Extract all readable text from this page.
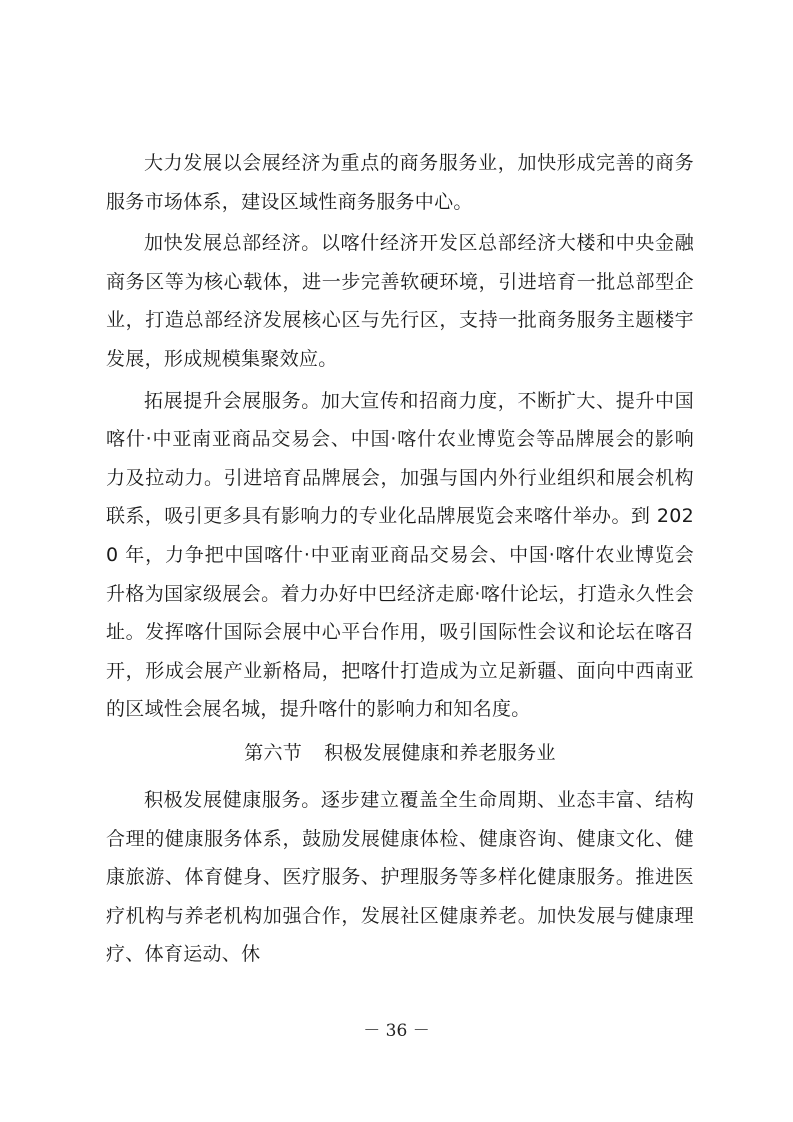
大力发展以会展经济为重点的商务服务业，加快形成完善的商务服务市场体系，建设区域性商务服务中心。

加快发展总部经济。以喀什经济开发区总部经济大楼和中央金融商务区等为核心载体，进一步完善软硬环境，引进培育一批总部型企业，打造总部经济发展核心区与先行区，支持一批商务服务主题楼宇发展，形成规模集聚效应。

拓展提升会展服务。加大宣传和招商力度，不断扩大、提升中国喀什·中亚南亚商品交易会、中国·喀什农业博览会等品牌展会的影响力及拉动力。引进培育品牌展会，加强与国内外行业组织和展会机构联系，吸引更多具有影响力的专业化品牌展览会来喀什举办。到 2020 年，力争把中国喀什·中亚南亚商品交易会、中国·喀什农业博览会升格为国家级展会。着力办好中巴经济走廊·喀什论坛，打造永久性会址。发挥喀什国际会展中心平台作用，吸引国际性会议和论坛在喀召开，形成会展产业新格局，把喀什打造成为立足新疆、面向中西南亚的区域性会展名城，提升喀什的影响力和知名度。

第六节 积极发展健康和养老服务业

积极发展健康服务。逐步建立覆盖全生命周期、业态丰富、结构合理的健康服务体系，鼓励发展健康体检、健康咨询、健康文化、健康旅游、体育健身、医疗服务、护理服务等多样化健康服务。推进医疗机构与养老机构加强合作，发展社区健康养老。加快发展与健康理疗、体育运动、休

－ 36 －
